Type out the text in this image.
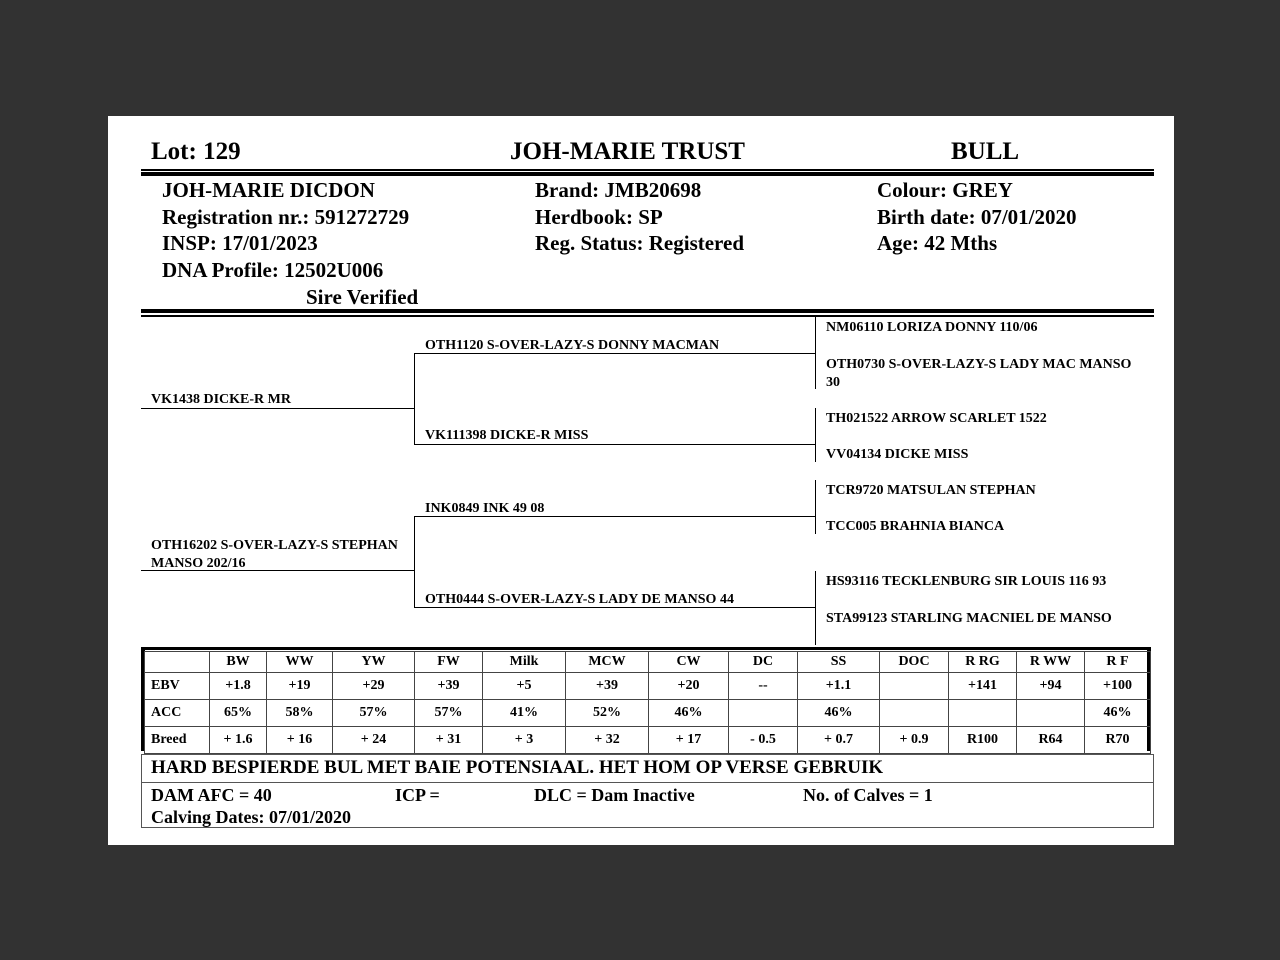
Lot: 129	JOH-MARIE TRUST	BULL
JOH-MARIE DICDON
Registration nr.: 591272729
INSP: 17/01/2023
DNA Profile: 12502U006
Sire Verified
Brand: JMB20698
Herdbook: SP
Reg. Status: Registered
Colour: GREY
Birth date: 07/01/2020
Age: 42 Mths
VK1438 DICKE-R MR
OTH16202 S-OVER-LAZY-S STEPHAN MANSO 202/16
OTH1120 S-OVER-LAZY-S DONNY MACMAN
VK111398 DICKE-R MISS
INK0849 INK 49 08
OTH0444 S-OVER-LAZY-S LADY DE MANSO 44
NM06110 LORIZA DONNY 110/06
OTH0730 S-OVER-LAZY-S LADY MAC MANSO 30
TH021522 ARROW SCARLET 1522
VV04134 DICKE MISS
TCR9720 MATSULAN STEPHAN
TCC005 BRAHNIA BIANCA
HS93116 TECKLENBURG SIR LOUIS 116 93
STA99123 STARLING MACNIEL DE MANSO
	BW	WW	YW	FW	Milk	MCW	CW	DC	SS	DOC	R RG	R WW	R F
EBV	+1.8	+19	+29	+39	+5	+39	+20	--	+1.1		+141	+94	+100
ACC	65%	58%	57%	57%	41%	52%	46%		46%				46%
Breed	+ 1.6	+ 16	+ 24	+ 31	+ 3	+ 32	+ 17	- 0.5	+ 0.7	+ 0.9	R100	R64	R70
HARD BESPIERDE BUL MET BAIE POTENSIAAL. HET HOM OP VERSE GEBRUIK
DAM AFC = 40	ICP =	DLC = Dam Inactive	No. of Calves = 1
Calving Dates: 07/01/2020
